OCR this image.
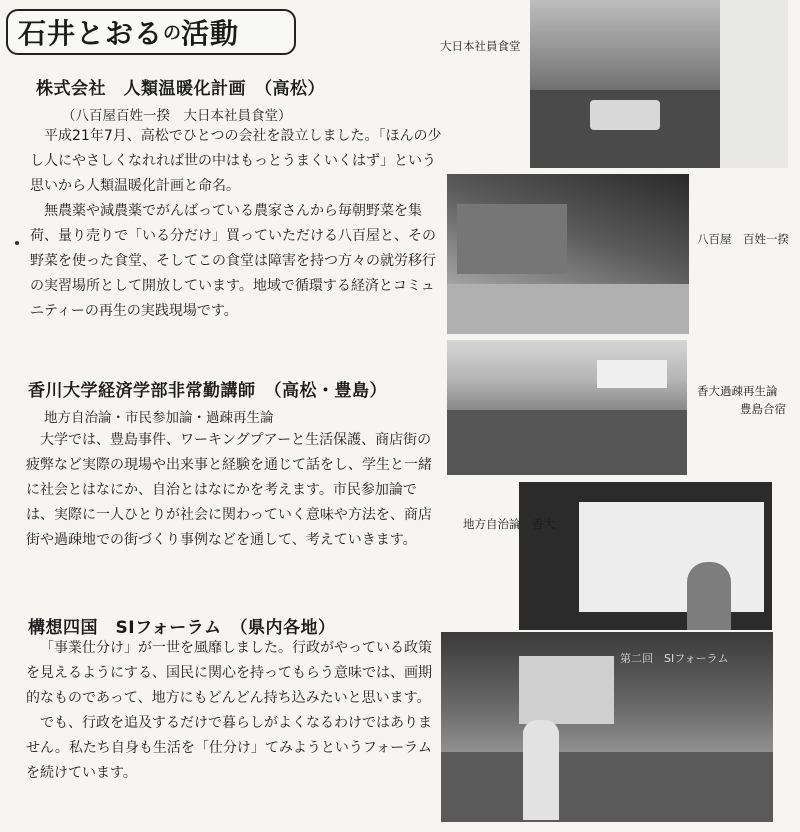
石井とおる の 活動
株式会社　人類温暖化計画　（高松）
（八百屋百姓一揆　大日本社員食堂）

平成21年7月、高松でひとつの会社を設立しました。「ほんの少し人にやさしくなれれば世の中はもっとうまくいくはず」という思いから人類温暖化計画と命名。

無農薬や減農薬でがんばっている農家さんから毎朝野菜を集荷、量り売りで「いる分だけ」買っていただける八百屋と、その野菜を使った食堂、そしてこの食堂は障害を持つ方々の就労移行の実習場所として開放しています。地域で循環する経済とコミュニティーの再生の実践現場です。

香川大学経済学部非常勤講師　（高松・豊島）
地方自治論・市民参加論・過疎再生論

大学では、豊島事件、ワーキングプアーと生活保護、商店街の疲弊など実際の現場や出来事と経験を通じて話をし、学生と一緒に社会とはなにか、自治とはなにかを考えます。市民参加論では、実際に一人ひとりが社会に関わっていく意味や方法を、商店街や過疎地での街づくり事例などを通して、考えていきます。

構想四国　SIフォーラム　（県内各地）

「事業仕分け」が一世を風靡しました。行政がやっている政策を見えるようにする、国民に関心を持ってもらう意味では、画期的なものであって、地方にもどんどん持ち込みたいと思います。

でも、行政を追及するだけで暮らしがよくなるわけではありません。私たち自身も生活を「仕分け」てみようというフォーラムを続けています。

大日本社員食堂
八百屋　百姓一揆
香大過疎再生論
豊島合宿
地方自治論　香大
第二回　SIフォーラム
